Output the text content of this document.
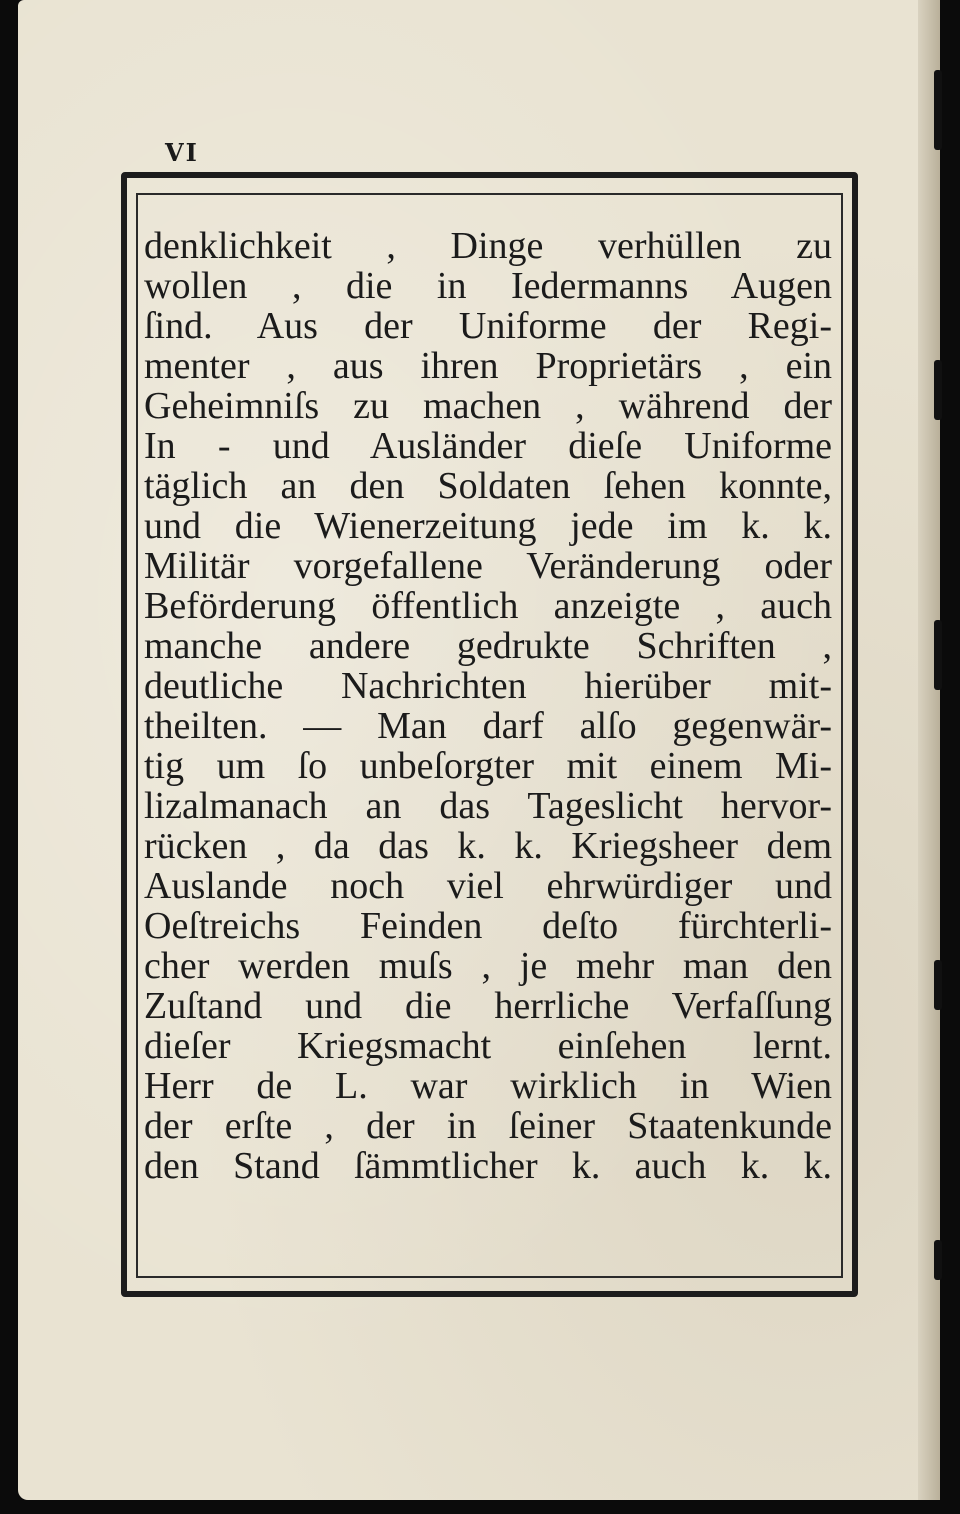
VI
denklichkeit , Dinge verhüllen zu
wollen , die in Iedermanns Augen
ſind. Aus der Uniforme der Regi-
menter , aus ihren Proprietärs , ein
Geheimniſs zu machen , während der
In - und Ausländer dieſe Uniforme
täglich an den Soldaten ſehen konnte,
und die Wienerzeitung jede im k. k.
Militär vorgefallene Veränderung oder
Beförderung öffentlich anzeigte , auch
manche andere gedrukte Schriften ,
deutliche Nachrichten hierüber mit-
theilten. — Man darf alſo gegenwär-
tig um ſo unbeſorgter mit einem Mi-
lizalmanach an das Tageslicht hervor-
rücken , da das k. k. Kriegsheer dem
Auslande noch viel ehrwürdiger und
Oeſtreichs Feinden deſto fürchterli-
cher werden muſs , je mehr man den
Zuſtand und die herrliche Verfaſſung
dieſer Kriegsmacht einſehen lernt.
Herr de L. war wirklich in Wien
der erſte , der in ſeiner Staatenkunde
den Stand ſämmtlicher k. auch k. k.
